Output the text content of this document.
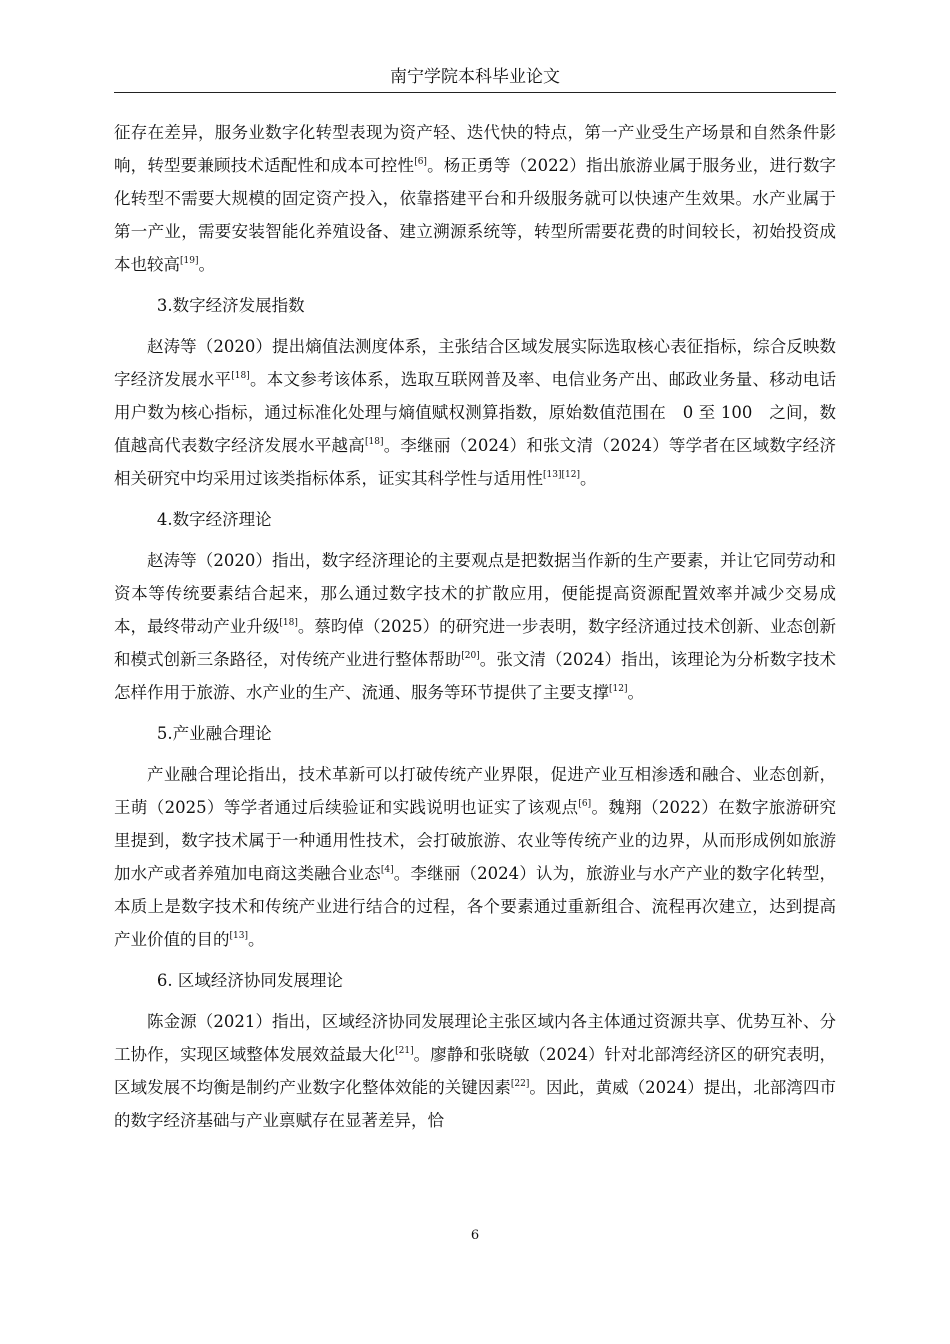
南宁学院本科毕业论文

征存在差异，服务业数字化转型表现为资产轻、迭代快的特点，第一产业受生产场景和自然条件影响，转型要兼顾技术适配性和成本可控性[6]。杨正勇等（2022）指出旅游业属于服务业，进行数字化转型不需要大规模的固定资产投入，依靠搭建平台和升级服务就可以快速产生效果。水产业属于第一产业，需要安装智能化养殖设备、建立溯源系统等，转型所需要花费的时间较长，初始投资成本也较高[19]。

3.数字经济发展指数

赵涛等（2020）提出熵值法测度体系，主张结合区域发展实际选取核心表征指标，综合反映数字经济发展水平[18]。本文参考该体系，选取互联网普及率、电信业务产出、邮政业务量、移动电话用户数为核心指标，通过标准化处理与熵值赋权测算指数，原始数值范围在　0 至 100　之间，数值越高代表数字经济发展水平越高[18]。李继丽（2024）和张文清（2024）等学者在区域数字经济相关研究中均采用过该类指标体系，证实其科学性与适用性[13][12]。

4.数字经济理论

赵涛等（2020）指出，数字经济理论的主要观点是把数据当作新的生产要素，并让它同劳动和资本等传统要素结合起来，那么通过数字技术的扩散应用，便能提高资源配置效率并减少交易成本，最终带动产业升级[18]。蔡昀倬（2025）的研究进一步表明，数字经济通过技术创新、业态创新和模式创新三条路径，对传统产业进行整体帮助[20]。张文清（2024）指出，该理论为分析数字技术怎样作用于旅游、水产业的生产、流通、服务等环节提供了主要支撑[12]。

5.产业融合理论

产业融合理论指出，技术革新可以打破传统产业界限，促进产业互相渗透和融合、业态创新，王萌（2025）等学者通过后续验证和实践说明也证实了该观点[6]。魏翔（2022）在数字旅游研究里提到，数字技术属于一种通用性技术，会打破旅游、农业等传统产业的边界，从而形成例如旅游加水产或者养殖加电商这类融合业态[4]。李继丽（2024）认为，旅游业与水产产业的数字化转型，本质上是数字技术和传统产业进行结合的过程，各个要素通过重新组合、流程再次建立，达到提高产业价值的目的[13]。

6. 区域经济协同发展理论

陈金源（2021）指出，区域经济协同发展理论主张区域内各主体通过资源共享、优势互补、分工协作，实现区域整体发展效益最大化[21]。廖静和张晓敏（2024）针对北部湾经济区的研究表明，区域发展不均衡是制约产业数字化整体效能的关键因素[22]。因此，黄威（2024）提出，北部湾四市的数字经济基础与产业禀赋存在显著差异，恰

6
